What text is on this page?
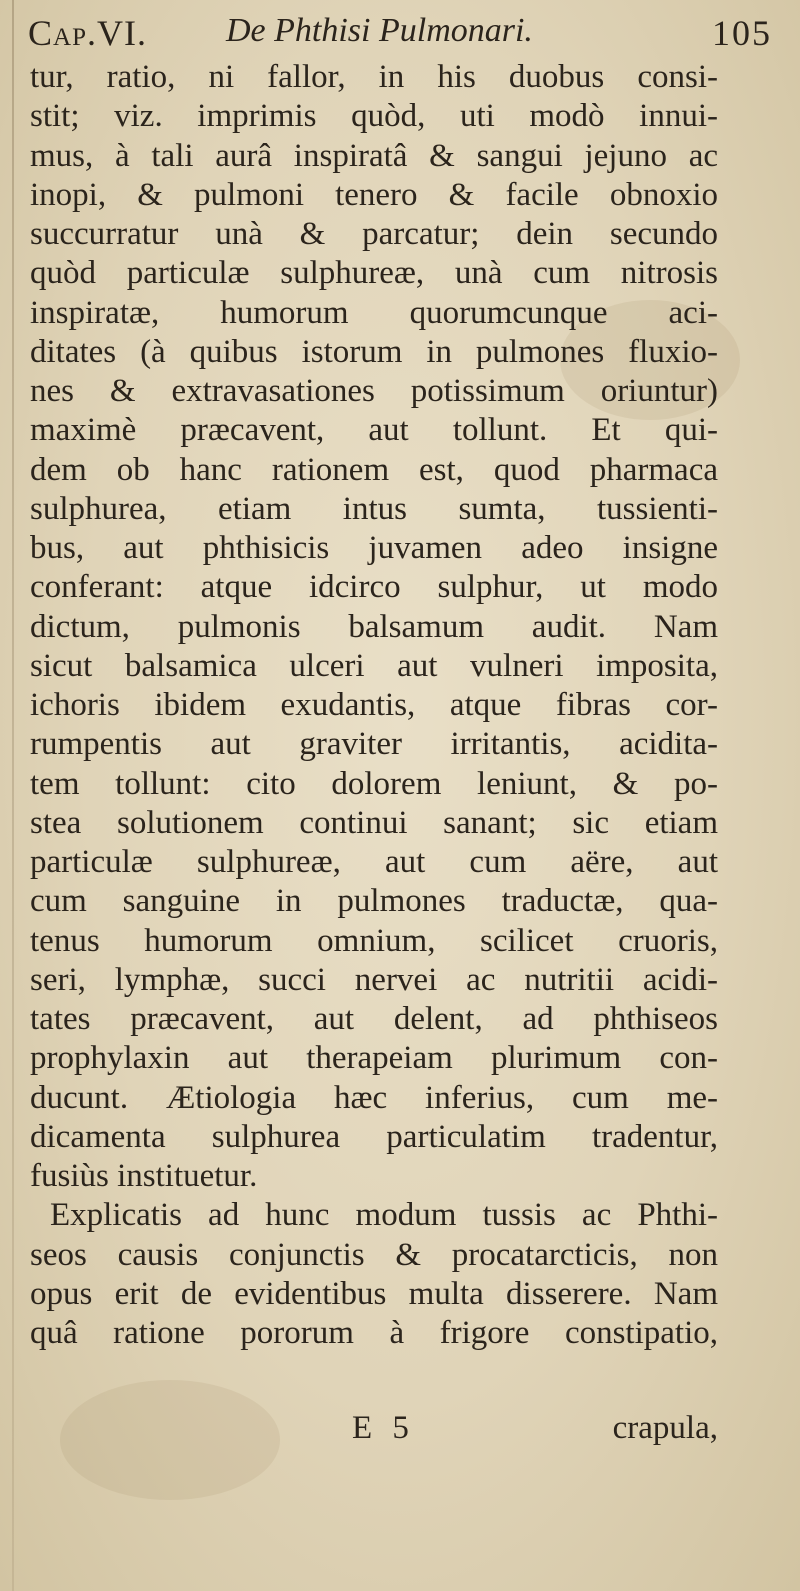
Cap.VI. De Phthisi Pulmonari.	105
tur, ratio, ni fallor, in his duobus consi-
stit; viz. imprimis quòd, uti modò innui-
mus, à tali aurâ inspiratâ & sangui jejuno ac
inopi, & pulmoni tenero & facile obnoxio
succurratur unà & parcatur; dein secundo
quòd particulæ sulphureæ, unà cum nitrosis
inspiratæ, humorum quorumcunque aci-
ditates (à quibus istorum in pulmones fluxio-
nes & extravasationes potissimum oriuntur)
maximè præcavent, aut tollunt. Et qui-
dem ob hanc rationem est, quod pharmaca
sulphurea, etiam intus sumta, tussienti-
bus, aut phthisicis juvamen adeo insigne
conferant: atque idcirco sulphur, ut modo
dictum, pulmonis balsamum audit. Nam
sicut balsamica ulceri aut vulneri imposita,
ichoris ibidem exudantis, atque fibras cor-
rumpentis aut graviter irritantis, acidita-
tem tollunt: cito dolorem leniunt, & po-
stea solutionem continui sanant; sic etiam
particulæ sulphureæ, aut cum aëre, aut
cum sanguine in pulmones traductæ, qua-
tenus humorum omnium, scilicet cruoris,
seri, lymphæ, succi nervei ac nutritii acidi-
tates præcavent, aut delent, ad phthiseos
prophylaxin aut therapeiam plurimum con-
ducunt. Ætiologia hæc inferius, cum me-
dicamenta sulphurea particulatim tradentur,
fusiùs instituetur.
Explicatis ad hunc modum tussis ac Phthi-
seos causis conjunctis & procatarcticis, non
opus erit de evidentibus multa disserere. Nam
quâ ratione pororum à frigore constipatio,
E 5	crapula,
